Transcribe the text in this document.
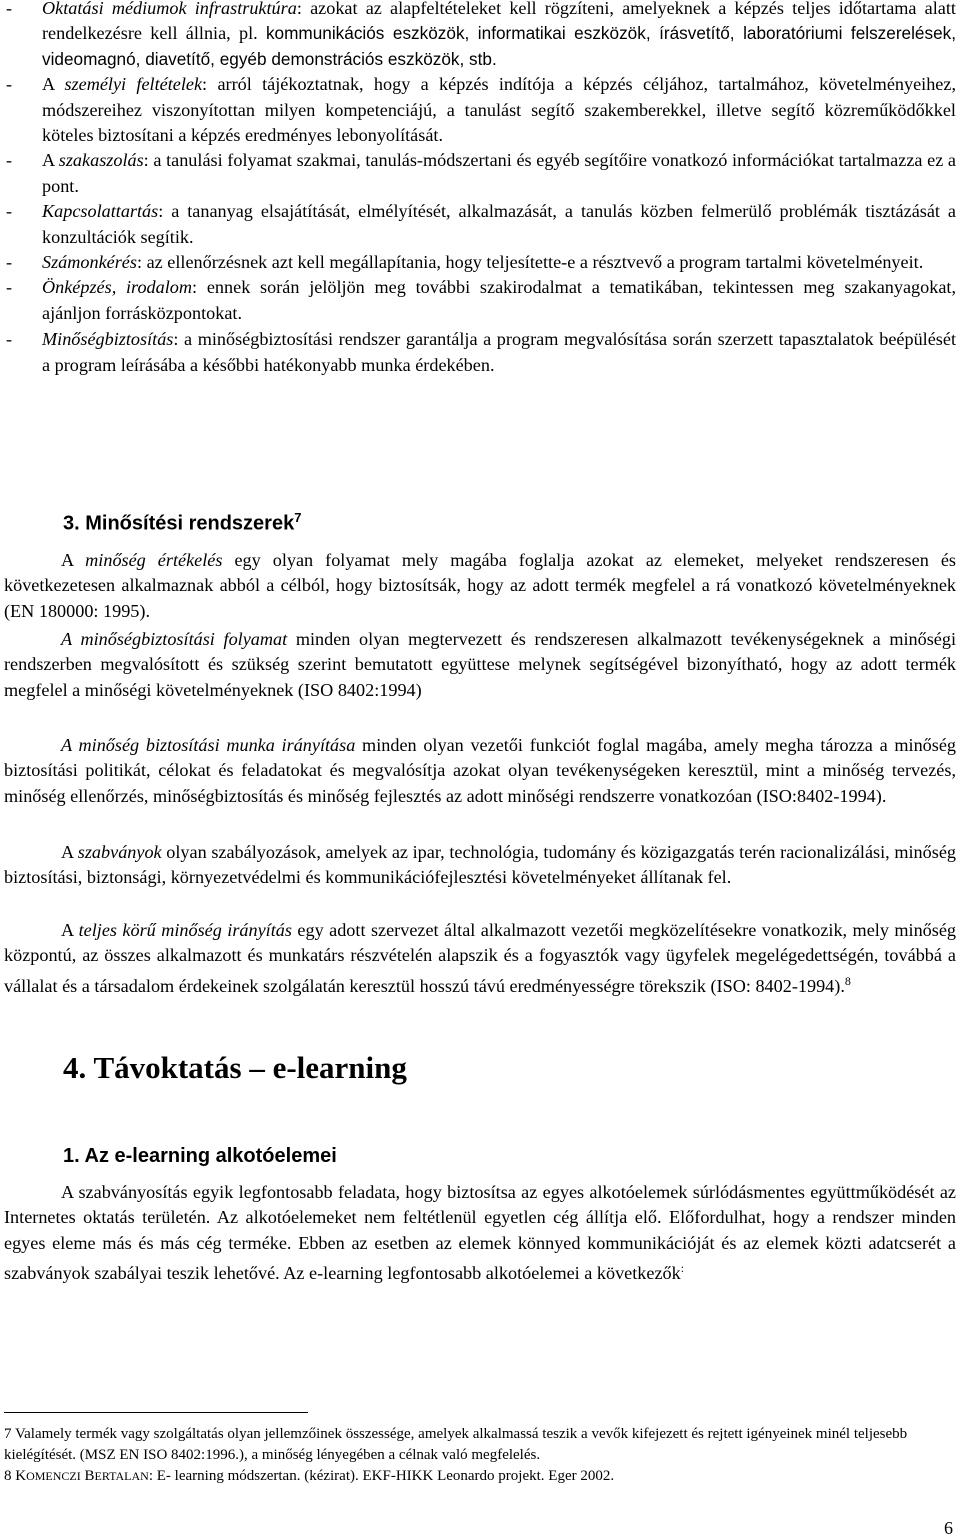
- Oktatási médiumok infrastruktúra: azokat az alapfeltételeket kell rögzíteni, amelyeknek a képzés teljes időtartama alatt rendelkezésre kell állnia, pl. kommunikációs eszközök, informatikai eszközök, írásvetítő, laboratóriumi felszerelések, videomagnó, diavetítő, egyéb demonstrációs eszközök, stb.

- A személyi feltételek: arról tájékoztatnak, hogy a képzés indítója a képzés céljához, tartalmához, követelményeihez, módszereihez viszonyítottan milyen kompetenciájú, a tanulást segítő szakemberekkel, illetve segítő közreműködőkkel köteles biztosítani a képzés eredményes lebonyolítását.

- A szakaszolás: a tanulási folyamat szakmai, tanulás-módszertani és egyéb segítőire vonatkozó információkat tartalmazza ez a pont.

- Kapcsolattartás: a tananyag elsajátítását, elmélyítését, alkalmazását, a tanulás közben felmerülő problémák tisztázását a konzultációk segítik.

- Számonkérés: az ellenőrzésnek azt kell megállapítania, hogy teljesítette-e a résztvevő a program tartalmi követelményeit.

- Önképzés, irodalom: ennek során jelöljön meg további szakirodalmat a tematikában, tekintessen meg szakanyagokat, ajánljon forrásközpontokat.

- Minőségbiztosítás: a minőségbiztosítási rendszer garantálja a program megvalósítása során szerzett tapasztalatok beépülését a program leírásába a későbbi hatékonyabb munka érdekében.

3. Minősítési rendszerek$^7$

A minőség értékelés egy olyan folyamat mely magába foglalja azokat az elemeket, melyeket rendszeresen és következetesen alkalmaznak abból a célból, hogy biztosítsák, hogy az adott termék megfelel a rá vonatkozó követelményeknek (EN 180000: 1995).

A minőségbiztosítási folyamat minden olyan megtervezett és rendszeresen alkalmazott tevékenységeknek a minőségi rendszerben megvalósított és szükség szerint bemutatott együttese melynek segítségével bizonyítható, hogy az adott termék megfelel a minőségi követelményeknek (ISO 8402:1994)

A minőség biztosítási munka irányítása minden olyan vezetői funkciót foglal magába, amely megha tározza a minőség biztosítási politikát, célokat és feladatokat és megvalósítja azokat olyan tevékenységeken keresztül, mint a minőség tervezés, minőség ellenőrzés, minőségbiztosítás és minőség fejlesztés az adott minőségi rendszerre vonatkozóan (ISO:8402-1994).

A szabványok olyan szabályozások, amelyek az ipar, technológia, tudomány és közigazgatás terén racionalizálási, minőség biztosítási, biztonsági, környezetvédelmi és kommunikációfejlesztési követelményeket állítanak fel.

A teljes körű minőség irányítás egy adott szervezet által alkalmazott vezetői megközelítésekre vonatkozik, mely minőség központú, az összes alkalmazott és munkatárs részvételén alapszik és a fogyasztók vagy ügyfelek megelégedettségén, továbbá a vállalat és a társadalom érdekeinek szolgálatán keresztül hosszú távú eredményességre törekszik (ISO: 8402-1994).$^8$

4. Távoktatás – e-learning
1. Az e-learning alkotóelemei

A szabványosítás egyik legfontosabb feladata, hogy biztosítsa az egyes alkotóelemek súrlódásmentes együttműködését az Internetes oktatás területén. Az alkotóelemeket nem feltétlenül egyetlen cég állítja elő. Előfordulhat, hogy a rendszer minden egyes eleme más és más cég terméke. Ebben az esetben az elemek könnyed kommunikációját és az elemek közti adatcserét a szabványok szabályai teszik lehetővé. Az e-learning legfontosabb alkotóelemei a következők:

7 Valamely termék vagy szolgáltatás olyan jellemzőinek összessége, amelyek alkalmassá teszik a vevők kifejezett és rejtett igényeinek minél teljesebb kielégítését. (MSZ EN ISO 8402:1996.), a minőség lényegében a célnak való megfelelés.

8 KOMENCZI BERTALAN: E- learning módszertan. (kézirat). EKF-HIKK Leonardo projekt. Eger 2002.

6
